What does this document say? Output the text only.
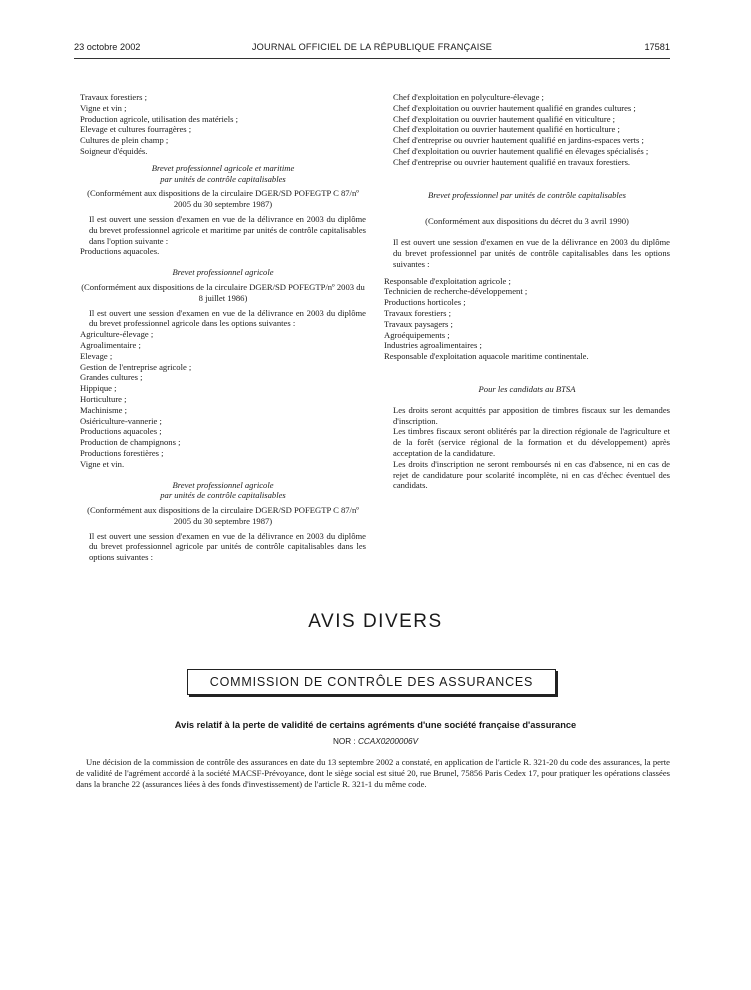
23 octobre 2002	JOURNAL OFFICIEL DE LA RÉPUBLIQUE FRANÇAISE	17581
Travaux forestiers ;
Vigne et vin ;
Production agricole, utilisation des matériels ;
Elevage et cultures fourragères ;
Cultures de plein champ ;
Soigneur d'équidés.

Brevet professionnel agricole et maritime
par unités de contrôle capitalisables

(Conformément aux dispositions de la circulaire DGER/SD POFEGTP C 87/nº 2005 du 30 septembre 1987)

Il est ouvert une session d'examen en vue de la délivrance en 2003 du diplôme du brevet professionnel agricole et maritime par unités de contrôle capitalisables dans l'option suivante :

Productions aquacoles.

Brevet professionnel agricole

(Conformément aux dispositions de la circulaire DGER/SD POFEGTP/nº 2003 du 8 juillet 1986)

Il est ouvert une session d'examen en vue de la délivrance en 2003 du diplôme du brevet professionnel agricole dans les options suivantes :

Agriculture-élevage ;
Agroalimentaire ;
Elevage ;
Gestion de l'entreprise agricole ;
Grandes cultures ;
Hippique ;
Horticulture ;
Machinisme ;
Osiériculture-vannerie ;
Productions aquacoles ;
Production de champignons ;
Productions forestières ;
Vigne et vin.

Brevet professionnel agricole
par unités de contrôle capitalisables

(Conformément aux dispositions de la circulaire DGER/SD POFEGTP C 87/nº 2005 du 30 septembre 1987)

Il est ouvert une session d'examen en vue de la délivrance en 2003 du diplôme du brevet professionnel agricole par unités de contrôle capitalisables dans les options suivantes :

Chef d'exploitation en polyculture-élevage ;

Chef d'exploitation ou ouvrier hautement qualifié en grandes cultures ;

Chef d'exploitation ou ouvrier hautement qualifié en viticulture ;

Chef d'exploitation ou ouvrier hautement qualifié en horticulture ;

Chef d'entreprise ou ouvrier hautement qualifié en jardins-espaces verts ;

Chef d'exploitation ou ouvrier hautement qualifié en élevages spécialisés ;

Chef d'entreprise ou ouvrier hautement qualifié en travaux forestiers.

Brevet professionnel par unités de contrôle capitalisables

(Conformément aux dispositions du décret du 3 avril 1990)

Il est ouvert une session d'examen en vue de la délivrance en 2003 du diplôme du brevet professionnel par unités de contrôle capitalisables dans les options suivantes :

Responsable d'exploitation agricole ;
Technicien de recherche-développement ;
Productions horticoles ;
Travaux forestiers ;
Travaux paysagers ;
Agroéquipements ;
Industries agroalimentaires ;
Responsable d'exploitation aquacole maritime continentale.

Pour les candidats au BTSA

Les droits seront acquittés par apposition de timbres fiscaux sur les demandes d'inscription.

Les timbres fiscaux seront oblitérés par la direction régionale de l'agriculture et de la forêt (service régional de la formation et du développement) après acceptation de la candidature.

Les droits d'inscription ne seront remboursés ni en cas d'absence, ni en cas de rejet de candidature pour scolarité incomplète, ni en cas d'échec éventuel des candidats.

AVIS DIVERS
COMMISSION DE CONTRÔLE DES ASSURANCES
Avis relatif à la perte de validité de certains agréments d'une société française d'assurance
NOR : CCAX0200006V

Une décision de la commission de contrôle des assurances en date du 13 septembre 2002 a constaté, en application de l'article R. 321-20 du code des assurances, la perte de validité de l'agrément accordé à la société MACSF-Prévoyance, dont le siège social est situé 20, rue Brunel, 75856 Paris Cedex 17, pour pratiquer les opérations classées dans la branche 22 (assurances liées à des fonds d'investissement) de l'article R. 321-1 du même code.
